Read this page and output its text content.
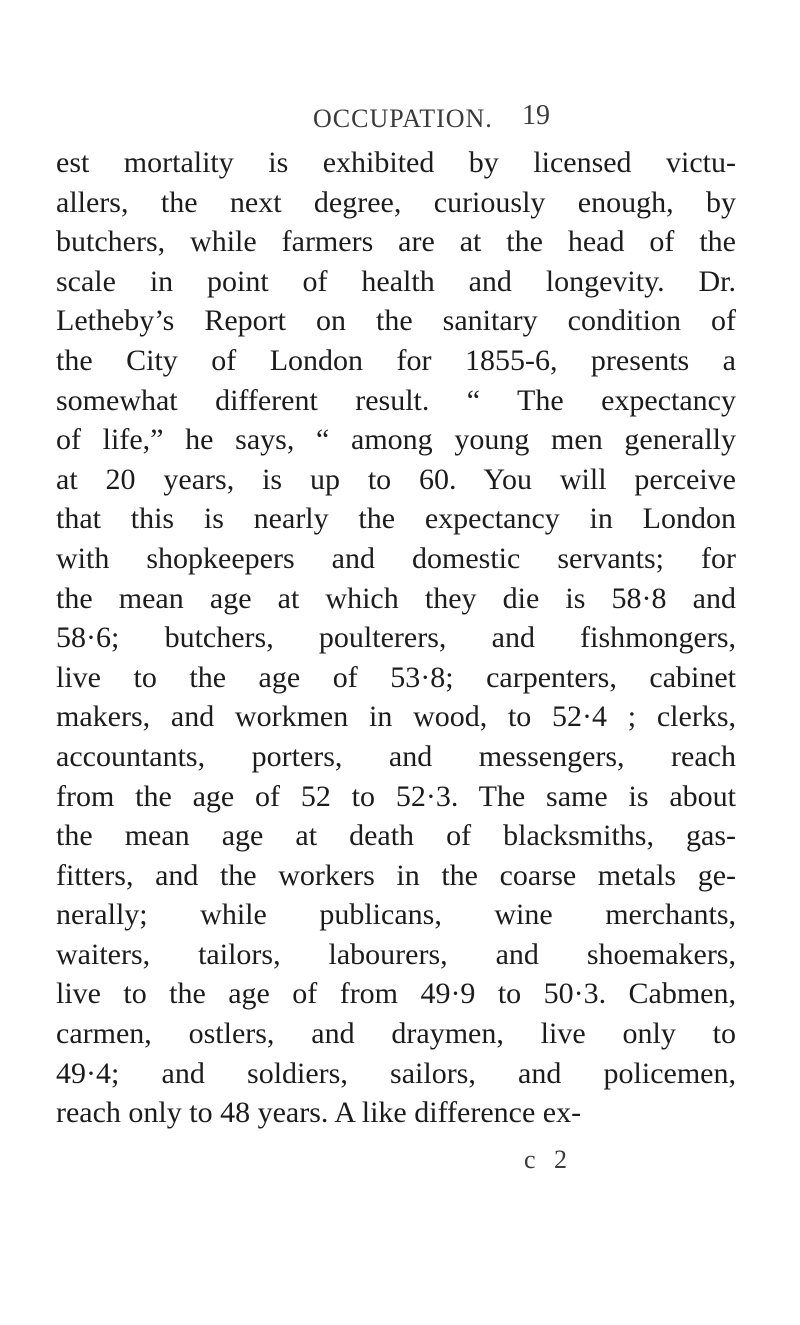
OCCUPATION. 19
est mortality is exhibited by licensed victu-
allers, the next degree, curiously enough, by
butchers, while farmers are at the head of the
scale in point of health and longevity. Dr.
Letheby’s Report on the sanitary condition of
the City of London for 1855-6, presents a
somewhat different result. “ The expectancy
of life,” he says, “ among young men generally
at 20 years, is up to 60. You will perceive
that this is nearly the expectancy in London
with shopkeepers and domestic servants; for
the mean age at which they die is 58·8 and
58·6; butchers, poulterers, and fishmongers,
live to the age of 53·8; carpenters, cabinet
makers, and workmen in wood, to 52·4 ; clerks,
accountants, porters, and messengers, reach
from the age of 52 to 52·3. The same is about
the mean age at death of blacksmiths, gas-
fitters, and the workers in the coarse metals ge-
nerally; while publicans, wine merchants,
waiters, tailors, labourers, and shoemakers,
live to the age of from 49·9 to 50·3. Cabmen,
carmen, ostlers, and draymen, live only to
49·4; and soldiers, sailors, and policemen,
reach only to 48 years. A like difference ex-
c 2
